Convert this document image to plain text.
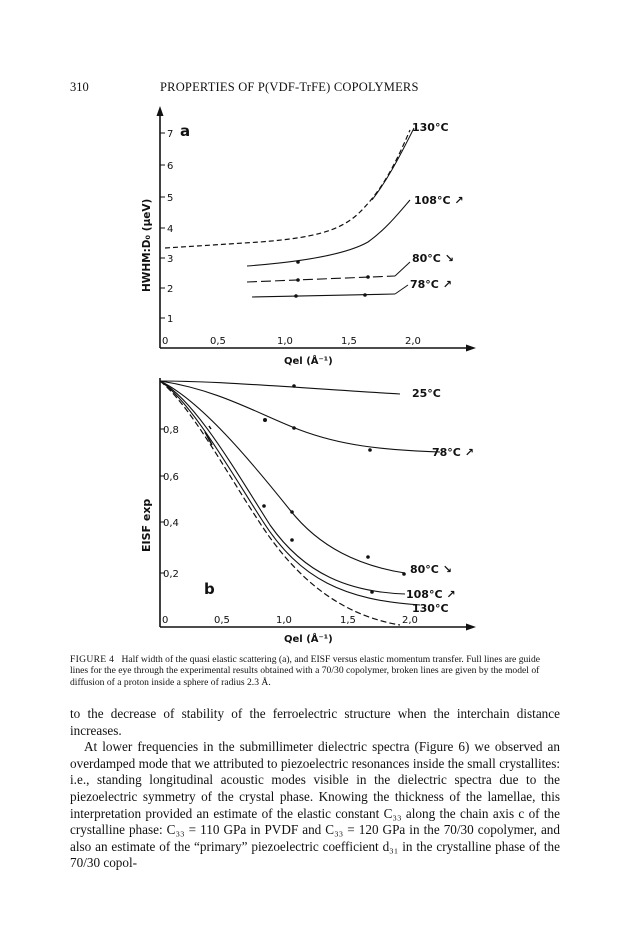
310	PROPERTIES OF P(VDF-TrFE) COPOLYMERS
1
2
3
4
5
6
7
0	0,5	1,0	1,5	2,0
a
HWHM:D₀ (μeV)
Qel (Å⁻¹)
130°C
108°C ↗
80°C ↘
78°C ↗
0,2
0,4
0,6
0,8
0	0,5	1,0	1,5	2,0
b
EISF exp
Qel (Å⁻¹)
25°C
78°C ↗
80°C ↘
108°C ↗
130°C
FIGURE 4 Half width of the quasi elastic scattering (a), and EISF versus elastic momentum transfer. Full lines are guide lines for the eye through the experimental results obtained with a 70/30 copolymer, broken lines are given by the model of diffusion of a proton inside a sphere of radius 2.3 Å.

to the decrease of stability of the ferroelectric structure when the interchain distance increases.

At lower frequencies in the submillimeter dielectric spectra (Figure 6) we observed an overdamped mode that we attributed to piezoelectric resonances inside the small crystallites: i.e., standing longitudinal acoustic modes visible in the dielectric spectra due to the piezoelectric symmetry of the crystal phase. Knowing the thickness of the lamellae, this interpretation provided an estimate of the elastic constant C₃₃ along the chain axis c of the crystalline phase: C₃₃ = 110 GPa in PVDF and C₃₃ = 120 GPa in the 70/30 copolymer, and also an estimate of the “primary” piezoelectric coefficient d₃₁ in the crystalline phase of the 70/30 copol-
